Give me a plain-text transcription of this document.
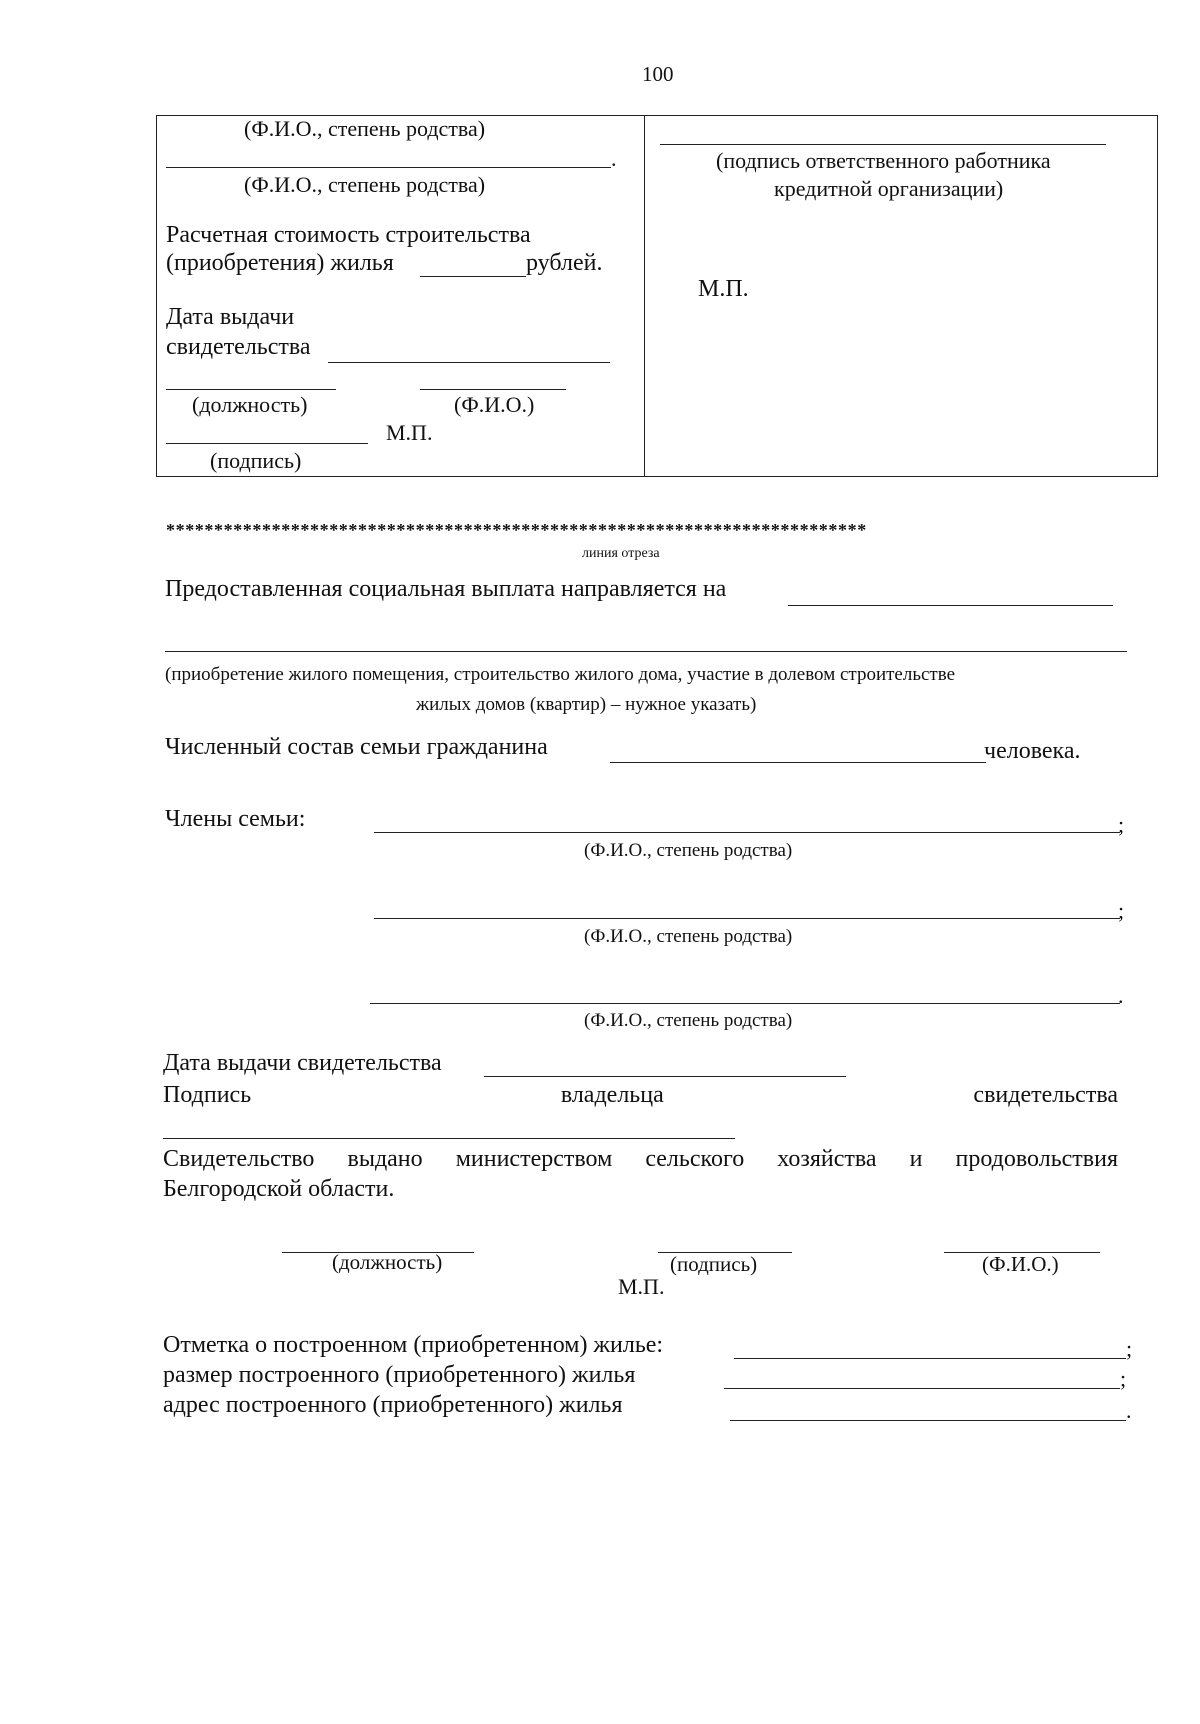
100
(Ф.И.О., степень родства)
.
(Ф.И.О., степень родства)
Расчетная стоимость строительства
(приобретения) жилья	рублей.
Дата выдачи
свидетельства
(должность)	(Ф.И.О.)
М.П.
(подпись)
(подпись ответственного работника
кредитной организации)
М.П.
*************************************************************************
линия отреза
Предоставленная социальная выплата направляется на
(приобретение жилого помещения, строительство жилого дома, участие в долевом строительстве
жилых домов (квартир) – нужное указать)
Численный состав семьи гражданина	человека.
Члены семьи:	;
(Ф.И.О., степень родства)
;
(Ф.И.О., степень родства)
.
(Ф.И.О., степень родства)
Дата выдачи свидетельства
Подпись	владельца	свидетельства
Свидетельство выдано министерством сельского хозяйства и продовольствия
Белгородской области.
(должность)	(подпись)	(Ф.И.О.)
М.П.
Отметка о построенном (приобретенном) жилье:	;
размер построенного (приобретенного) жилья	;
адрес построенного (приобретенного) жилья	.
